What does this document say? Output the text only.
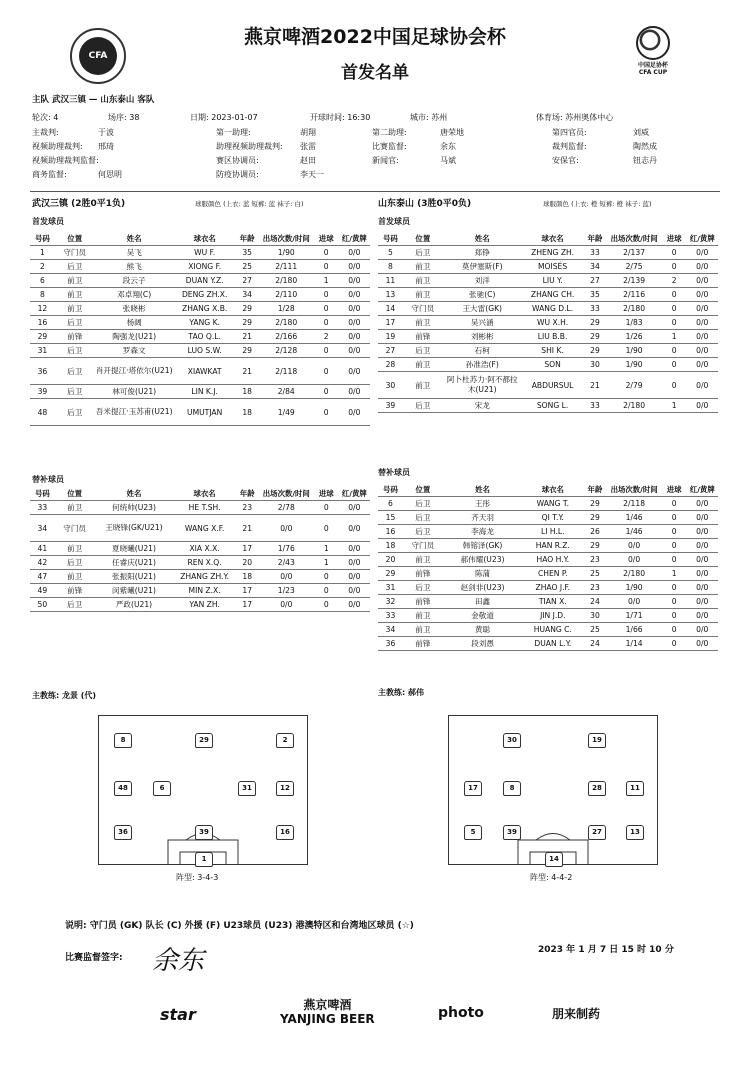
CFA
燕京啤酒2022中国足球协会杯
首发名单	中国足协杯
CFA CUP
主队 武汉三镇 — 山东泰山 客队
轮次: 4	场序: 38	日期: 2023-01-07	开球时间: 16:30	城市: 苏州	体育场: 苏州奥体中心
主裁判:	于波	第一助理:	胡翔	第二助理:	唐荣地	第四官员:	刘威
视频助理裁判: 邢琦	助理视频助理裁判: 张雷	比赛监督:	余东	裁判监督:	陶然成
视频助理裁判监督:	赛区协调员:	赵田	新闻官:	马斌	安保官:	钮志丹
商务监督:	何思明	防疫协调员:	李天一
武汉三镇 (2胜0平1负)	球服颜色 (上衣: 蓝 短裤: 蓝 袜子: 白)	山东泰山 (3胜0平0负)	球服颜色 (上衣: 橙 短裤: 橙 袜子: 蓝)
首发球员	首发球员
替补球员
替补球员
号码	位置	姓名	球衣名	年龄	出场次数/时间	进球	红/黄牌
1	守门员	吴飞	WU F.	35	1/90	0	0/0
2	后卫	熊飞	XIONG F.	25	2/111	0	0/0
6	前卫	段云子	DUAN Y.Z.	27	2/180	1	0/0
8	前卫	邓卓翔(C)	DENG ZH.X.	34	2/110	0	0/0
12	前卫	张晓彬	ZHANG X.B.	29	1/28	0	0/0
16	后卫	杨阔	YANG K.	29	2/180	0	0/0
29	前锋	陶强龙(U21)	TAO Q.L.	21	2/166	2	0/0
31	后卫	罗森文	LUO S.W.	29	2/128	0	0/0
36	后卫	肖开提江·塔依尔(U21)	XIAWKAT	21	2/118	0	0/0
39	后卫	林可俊(U21)	LIN K.J.	18	2/84	0	0/0
48	后卫	吾米提江·玉苏甫(U21)	UMUTJAN	18	1/49	0	0/0
号码	位置	姓名	球衣名	年龄	出场次数/时间	进球	红/黄牌
5	后卫	郑铮	ZHENG ZH.	33	2/137	0	0/0
8	前卫	莫伊塞斯(F)	MOISÉS	34	2/75	0	0/0
11	前卫	刘洋	LIU Y.	27	2/139	2	0/0
13	前卫	张驰(C)	ZHANG CH.	35	2/116	0	0/0
14	守门员	王大雷(GK)	WANG D.L.	33	2/180	0	0/0
17	前卫	吴兴涵	WU X.H.	29	1/83	0	0/0
19	前锋	刘彬彬	LIU B.B.	29	1/26	1	0/0
27	后卫	石柯	SHI K.	29	1/90	0	0/0
28	前卫	孙准浩(F)	SON	30	1/90	0	0/0
30	前卫	阿卜杜苏力·阿不都拉木(U21)	ABDURSUL	21	2/79	0	0/0
39	后卫	宋龙	SONG L.	33	2/180	1	0/0
号码	位置	姓名	球衣名	年龄	出场次数/时间	进球	红/黄牌
33	前卫	何统帅(U23)	HE T.SH.	23	2/78	0	0/0
34	守门员	王晓锋(GK/U21)	WANG X.F.	21	0/0	0	0/0
41	前卫	夏晓曦(U21)	XIA X.X.	17	1/76	1	0/0
42	后卫	任睿庆(U21)	REN X.Q.	20	2/43	1	0/0
47	前卫	张振阳(U21)	ZHANG ZH.Y.	18	0/0	0	0/0
49	前锋	闵紫曦(U21)	MIN Z.X.	17	1/23	0	0/0
50	后卫	严政(U21)	YAN ZH.	17	0/0	0	0/0
号码	位置	姓名	球衣名	年龄	出场次数/时间	进球	红/黄牌
6	后卫	王彤	WANG T.	29	2/118	0	0/0
15	后卫	齐天羽	QI T.Y.	29	1/46	0	0/0
16	后卫	李海龙	LI H.L.	26	1/46	0	0/0
18	守门员	韩镕泽(GK)	HAN R.Z.	29	0/0	0	0/0
20	前卫	郝伟耀(U23)	HAO H.Y.	23	0/0	0	0/0
29	前锋	陈蒲	CHEN P.	25	2/180	1	0/0
31	后卫	赵剑非(U23)	ZHAO J.F.	23	1/90	0	0/0
32	前锋	田鑫	TIAN X.	24	0/0	0	0/0
33	前卫	金敬道	JIN J.D.	30	1/71	0	0/0
34	前卫	黄聪	HUANG C.	25	1/66	0	0/0
36	前锋	段刘愚	DUAN L.Y.	24	1/14	0	0/0
主教练: 龙景 (代)	主教练: 郝伟
1
8	29	2
48	6	31	12
36	39	16
14
30	19
17	8	28	11
5	39	27	13
阵型: 3-4-3	阵型: 4-4-2
说明: 守门员 (GK) 队长 (C) 外援 (F) U23球员 (U23) 港澳特区和台湾地区球员 (☆)
比赛监督签字: 余东	2023 年 1 月 7 日 15 时 10 分
star	燕京啤酒
YANJING BEER	photo	朋来制药
